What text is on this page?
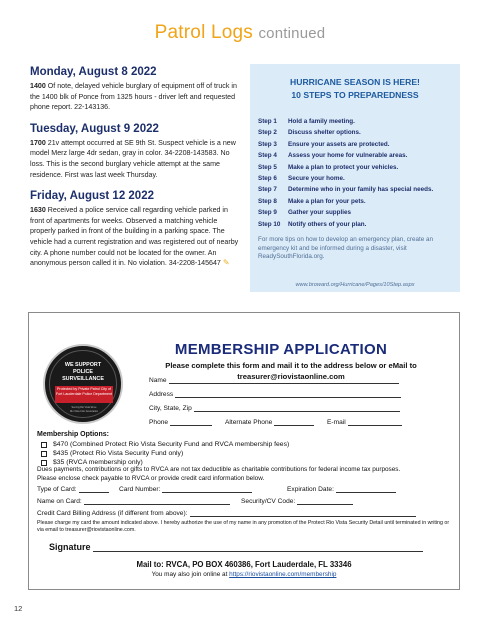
Patrol Logs continued
Monday, August 8 2022
1400 Of note, delayed vehicle burglary of equipment off of truck in the 1400 blk of Ponce from 1325 hours - driver left and requested phone report. 22-143136.
Tuesday, August 9 2022
1700 21v attempt occurred at SE 9th St. Suspect vehicle is a new model Merz large 4dr sedan, gray in color. 34-2208-143583. No loss. This is the second burglary vehicle attempt at the same residence. First was last week Thursday.
Friday, August 12 2022
1630 Received a police service call regarding vehicle parked in front of apartments for weeks. Observed a matching vehicle properly parked in front of the building in a parking space. The vehicle had a current registration and was registered out of nearby city. A phone number could not be located for the owner. An anonymous person called it in. No violation. 34-2208-145647 ✎
HURRICANE SEASON IS HERE!
10 STEPS TO PREPAREDNESS
Step 1	Hold a family meeting.
Step 2	Discuss shelter options.
Step 3	Ensure your assets are protected.
Step 4	Assess your home for vulnerable areas.
Step 5	Make a plan to protect your vehicles.
Step 6	Secure your home.
Step 7	Determine who in your family has special needs.
Step 8	Make a plan for your pets.
Step 9	Gather your supplies
Step 10	Notify others of your plan.
For more tips on how to develop an emergency plan, create an emergency kit and be informed during a disaster, visit ReadySouthFlorida.org.
www.broward.org/Hurricane/Pages/10Step.aspx
WE SUPPORT
POLICE
SURVEILLANCE
Protected by Private Patrol City of Fort Lauderdale Police Department
Serving Rio Vista Since
Rio Vista Civic Association
MEMBERSHIP APPLICATION
Please complete this form and mail it to the address below or eMail to
treasurer@riovistaonline.com
Name
Address
City, State, Zip
Phone	Alternate Phone	E-mail
Membership Options:
$470 (Combined Protect Rio Vista Security Fund and RVCA membership fees)
$435 (Protect Rio Vista Security Fund only)
$35 (RVCA membership only)
Dues payments, contributions or gifts to RVCA are not tax deductible as charitable contributions for federal income tax purposes.
Please enclose check payable to RVCA or provide credit card information below.
Type of Card:	Card Number:	Expiration Date:
Name on Card:	Security/CV Code:
Credit Card Billing Address (if different from above):
Please charge my card the amount indicated above. I hereby authorize the use of my name in any promotion of the Protect Rio Vista Security Detail until terminated in writing or via email to treasurer@riovistaonline.com.
Signature
Mail to: RVCA, PO BOX 460386, Fort Lauderdale, FL 33346
You may also join online at https://riovistaonline.com/membership
12
